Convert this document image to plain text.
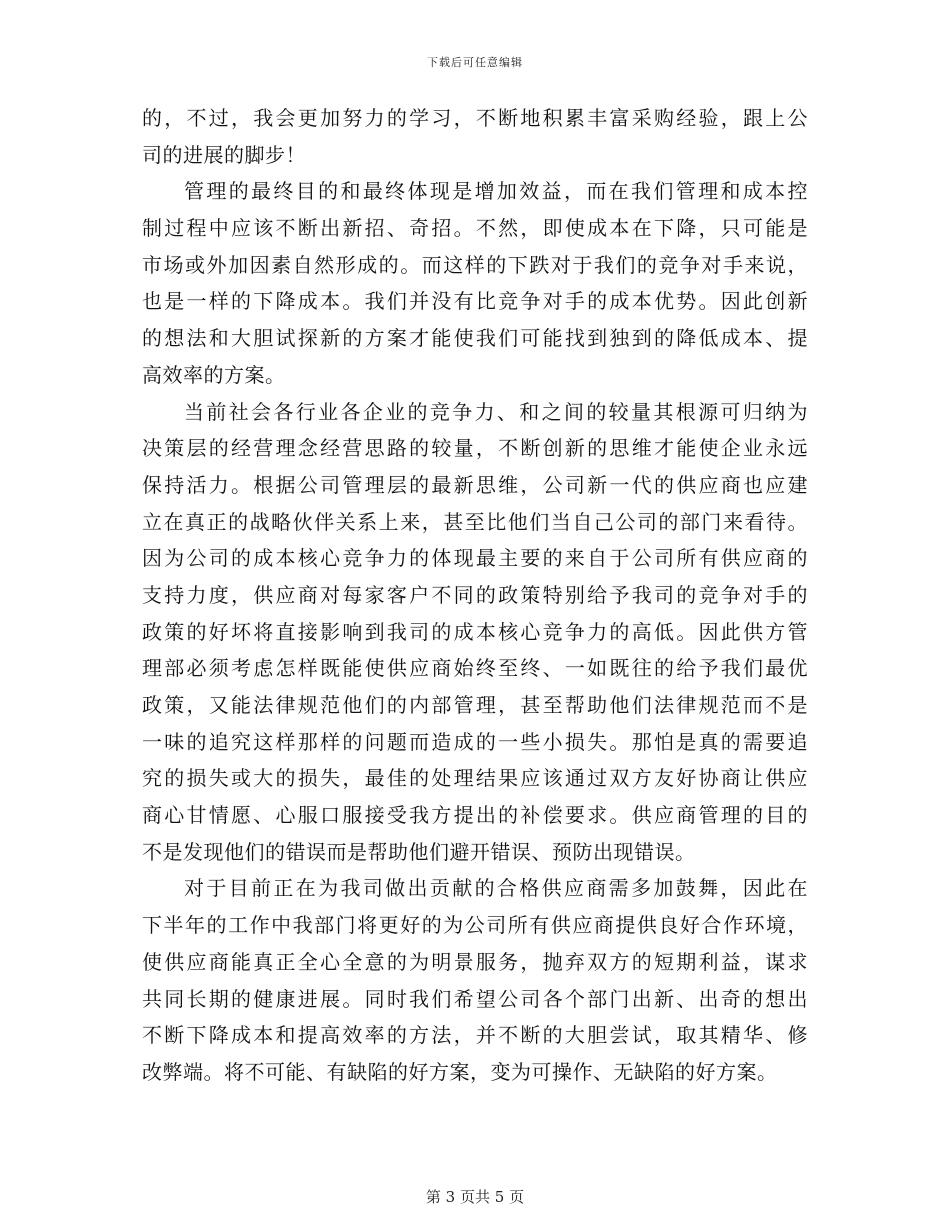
下载后可任意编辑
的，不过，我会更加努力的学习，不断地积累丰富采购经验，跟上公
司的进展的脚步！
管理的最终目的和最终体现是增加效益，而在我们管理和成本控
制过程中应该不断出新招、奇招。不然，即使成本在下降，只可能是
市场或外加因素自然形成的。而这样的下跌对于我们的竞争对手来说，
也是一样的下降成本。我们并没有比竞争对手的成本优势。因此创新
的想法和大胆试探新的方案才能使我们可能找到独到的降低成本、提
高效率的方案。
当前社会各行业各企业的竞争力、和之间的较量其根源可归纳为
决策层的经营理念经营思路的较量，不断创新的思维才能使企业永远
保持活力。根据公司管理层的最新思维，公司新一代的供应商也应建
立在真正的战略伙伴关系上来，甚至比他们当自己公司的部门来看待。
因为公司的成本核心竞争力的体现最主要的来自于公司所有供应商的
支持力度，供应商对每家客户不同的政策特别给予我司的竞争对手的
政策的好坏将直接影响到我司的成本核心竞争力的高低。因此供方管
理部必须考虑怎样既能使供应商始终至终、一如既往的给予我们最优
政策，又能法律规范他们的内部管理，甚至帮助他们法律规范而不是
一味的追究这样那样的问题而造成的一些小损失。那怕是真的需要追
究的损失或大的损失，最佳的处理结果应该通过双方友好协商让供应
商心甘情愿、心服口服接受我方提出的补偿要求。供应商管理的目的
不是发现他们的错误而是帮助他们避开错误、预防出现错误。
对于目前正在为我司做出贡献的合格供应商需多加鼓舞，因此在
下半年的工作中我部门将更好的为公司所有供应商提供良好合作环境，
使供应商能真正全心全意的为明景服务，抛弃双方的短期利益，谋求
共同长期的健康进展。同时我们希望公司各个部门出新、出奇的想出
不断下降成本和提高效率的方法，并不断的大胆尝试，取其精华、修
改弊端。将不可能、有缺陷的好方案，变为可操作、无缺陷的好方案。
第 3 页共 5 页
